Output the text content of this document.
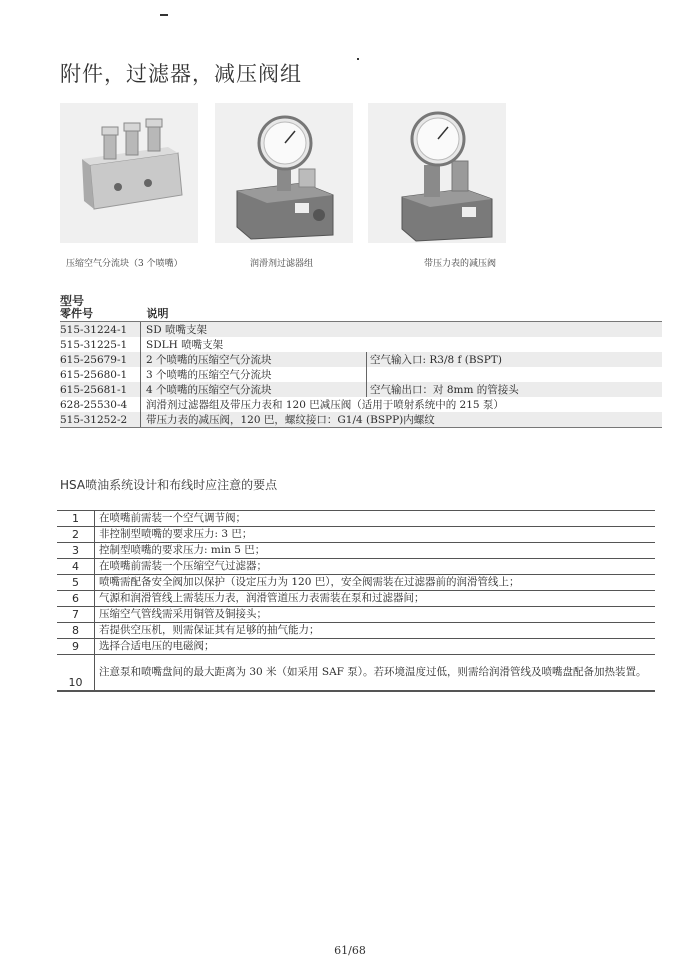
附件，过滤器，减压阀组
压缩空气分流块（3 个喷嘴）	润滑剂过滤器组	带压力表的减压阀
型号
零件号	说明	
515-31224-1	SD 喷嘴支架	
515-31225-1	SDLH 喷嘴支架	
615-25679-1	2 个喷嘴的压缩空气分流块	空气输入口: R3/8 f (BSPT)
615-25680-1	3 个喷嘴的压缩空气分流块	
615-25681-1	4 个喷嘴的压缩空气分流块	空气输出口：对 8mm 的管接头
628-25530-4	润滑剂过滤器组及带压力表和 120 巴减压阀（适用于喷射系统中的 215 泵）	
515-31252-2	带压力表的减压阀，120 巴，螺纹接口：G1/4 (BSPP)内螺纹	
HSA喷油系统设计和布线时应注意的要点
1	在喷嘴前需装一个空气调节阀；
2	非控制型喷嘴的要求压力: 3 巴；
3	控制型喷嘴的要求压力: min 5 巴；
4	在喷嘴前需装一个压缩空气过滤器；
5	喷嘴需配备安全阀加以保护（设定压力为 120 巴），安全阀需装在过滤器前的润滑管线上；
6	气源和润滑管线上需装压力表，润滑管道压力表需装在泵和过滤器间；
7	压缩空气管线需采用铜管及铜接头；
8	若提供空压机，则需保证其有足够的抽气能力；
9	选择合适电压的电磁阀；
10	注意泵和喷嘴盘间的最大距离为 30 米（如采用 SAF 泵）。若环境温度过低，则需给润滑管线及喷嘴盘配备加热装置。
61/68
